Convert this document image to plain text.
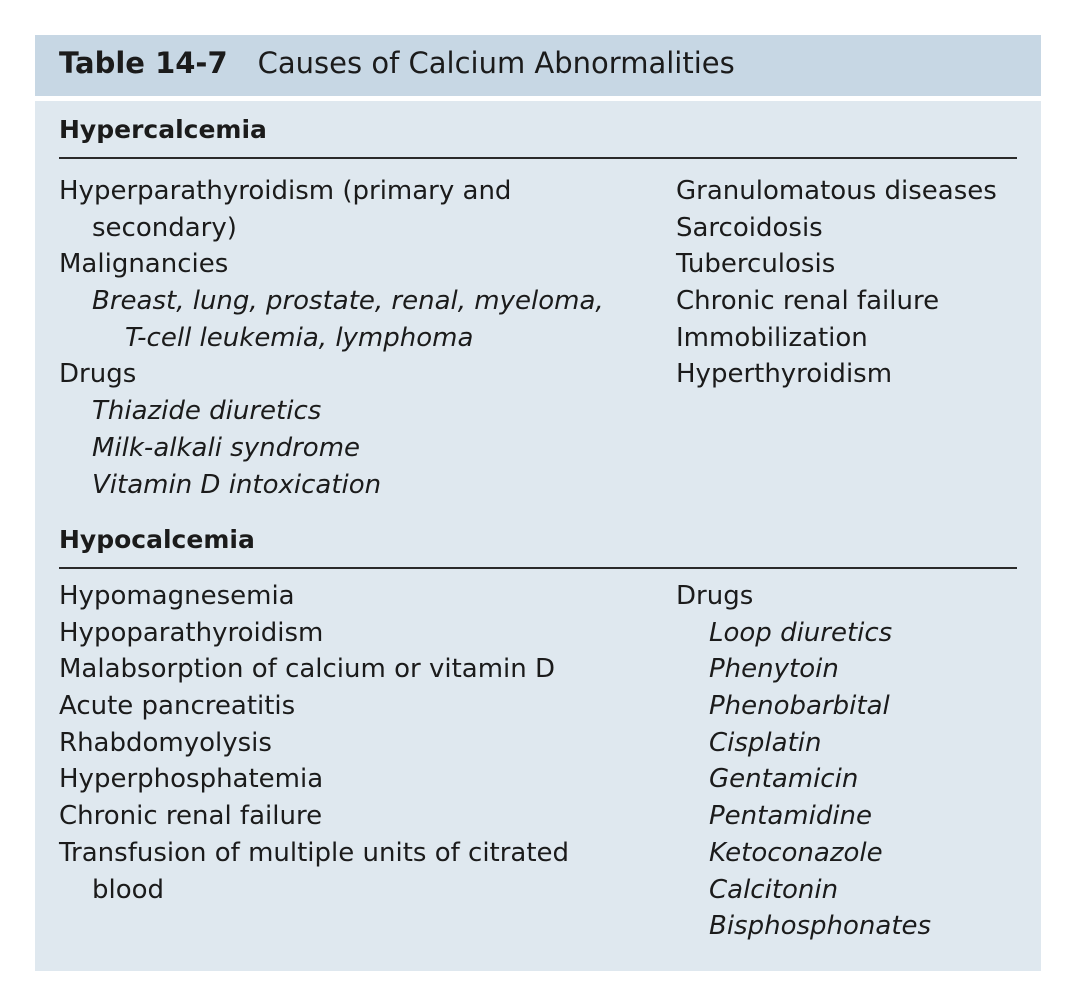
Table 14-7 Causes of Calcium Abnormalities
Hypercalcemia
Hyperparathyroidism (primary and
secondary)
Malignancies
Breast, lung, prostate, renal, myeloma,
T-cell leukemia, lymphoma
Drugs
Thiazide diuretics
Milk-alkali syndrome
Vitamin D intoxication
Granulomatous diseases
Sarcoidosis
Tuberculosis
Chronic renal failure
Immobilization
Hyperthyroidism
Hypocalcemia
Hypomagnesemia
Hypoparathyroidism
Malabsorption of calcium or vitamin D
Acute pancreatitis
Rhabdomyolysis
Hyperphosphatemia
Chronic renal failure
Transfusion of multiple units of citrated
blood
Drugs
Loop diuretics
Phenytoin
Phenobarbital
Cisplatin
Gentamicin
Pentamidine
Ketoconazole
Calcitonin
Bisphosphonates
